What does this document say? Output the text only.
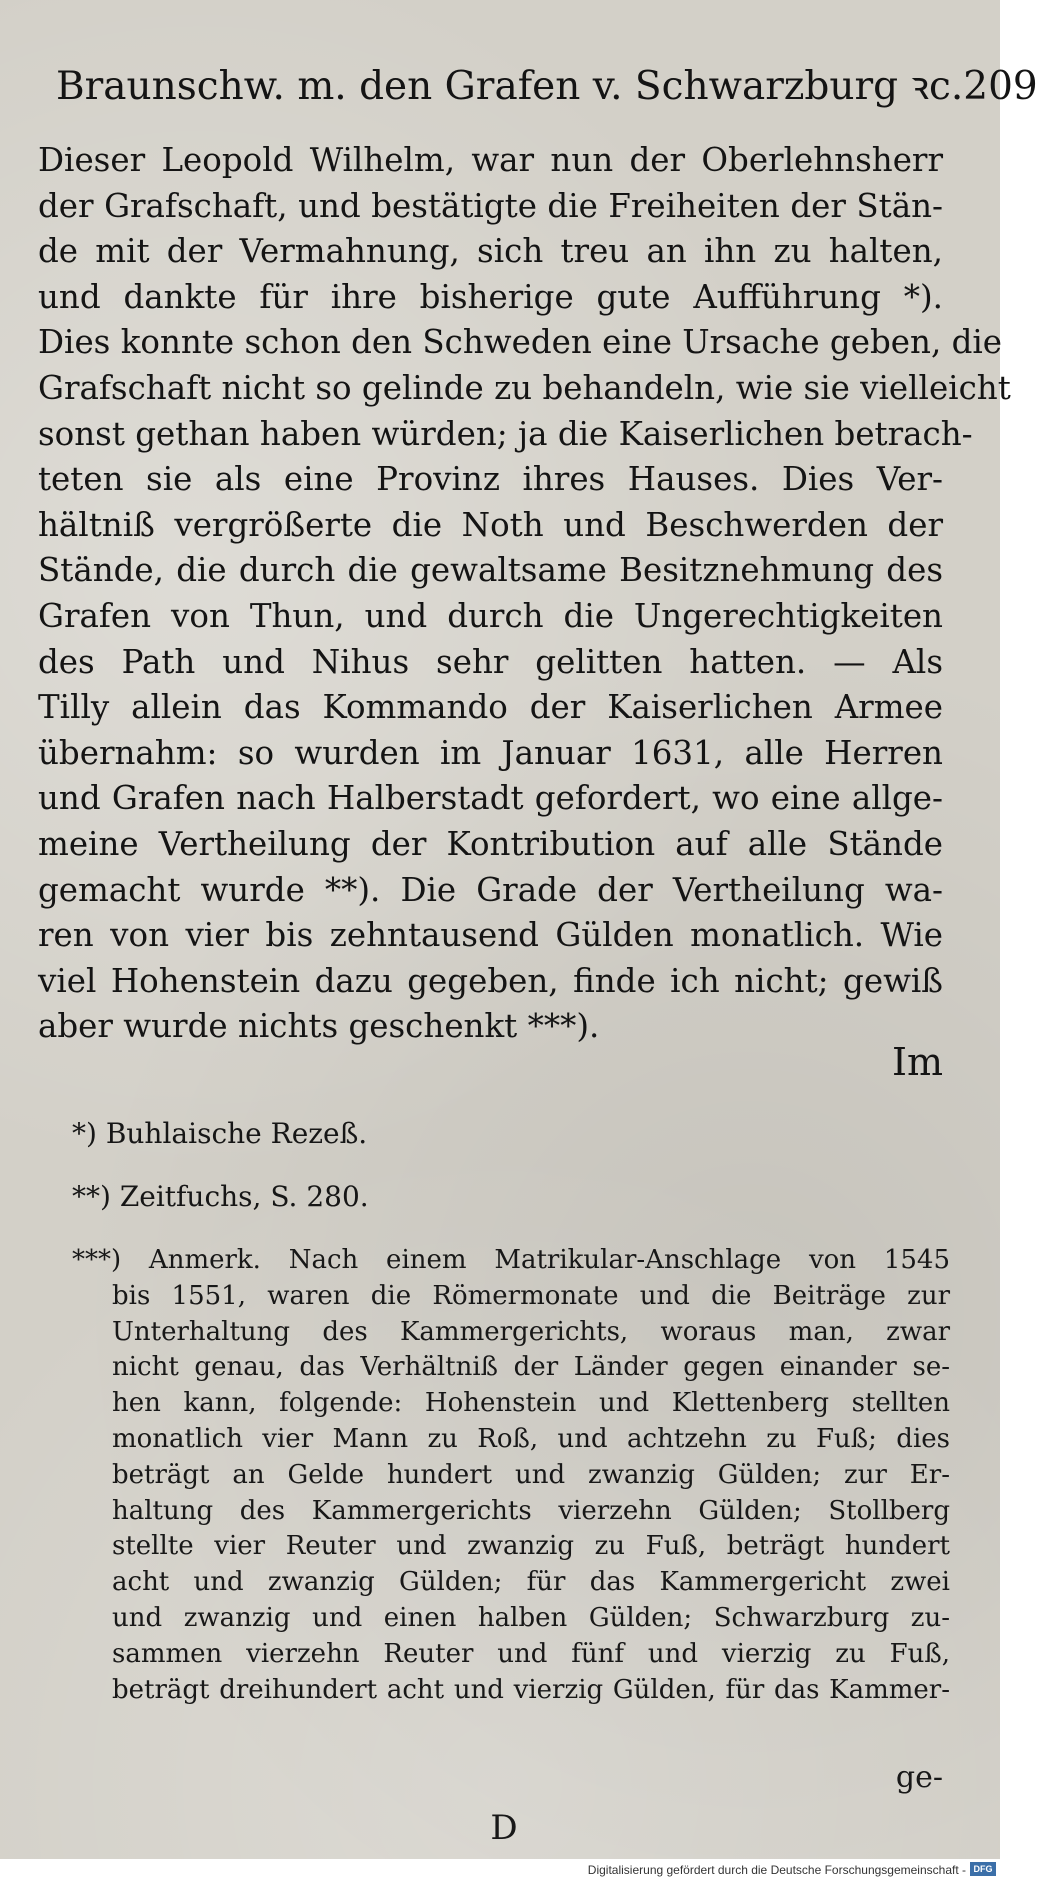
Braunschw. m. den Grafen v. Schwarzburg ꝛc. 209
Dieser Leopold Wilhelm, war nun der Oberlehnsherr
der Grafschaft, und bestätigte die Freiheiten der Stän-
de mit der Vermahnung, sich treu an ihn zu halten,
und dankte für ihre bisherige gute Aufführung *).
Dies konnte schon den Schweden eine Ursache geben, die
Grafschaft nicht so gelinde zu behandeln, wie sie vielleicht
sonst gethan haben würden; ja die Kaiserlichen betrach-
teten sie als eine Provinz ihres Hauses. Dies Ver-
hältniß vergrößerte die Noth und Beschwerden der
Stände, die durch die gewaltsame Besitznehmung des
Grafen von Thun, und durch die Ungerechtigkeiten
des Path und Nihus sehr gelitten hatten. — Als
Tilly allein das Kommando der Kaiserlichen Armee
übernahm: so wurden im Januar 1631, alle Herren
und Grafen nach Halberstadt gefordert, wo eine allge-
meine Vertheilung der Kontribution auf alle Stände
gemacht wurde **). Die Grade der Vertheilung wa-
ren von vier bis zehntausend Gülden monatlich. Wie
viel Hohenstein dazu gegeben, finde ich nicht; gewiß
aber wurde nichts geschenkt ***).
Im
*) Buhlaische Rezeß.
**) Zeitfuchs, S. 280.
***) Anmerk. Nach einem Matrikular-Anschlage von 1545
bis 1551, waren die Römermonate und die Beiträge zur
Unterhaltung des Kammergerichts, woraus man, zwar
nicht genau, das Verhältniß der Länder gegen einander se-
hen kann, folgende: Hohenstein und Klettenberg stellten
monatlich vier Mann zu Roß, und achtzehn zu Fuß; dies
beträgt an Gelde hundert und zwanzig Gülden; zur Er-
haltung des Kammergerichts vierzehn Gülden; Stollberg
stellte vier Reuter und zwanzig zu Fuß, beträgt hundert
acht und zwanzig Gülden; für das Kammergericht zwei
und zwanzig und einen halben Gülden; Schwarzburg zu-
sammen vierzehn Reuter und fünf und vierzig zu Fuß,
beträgt dreihundert acht und vierzig Gülden, für das Kammer-
ge-
D
Digitalisierung gefördert durch die Deutsche Forschungsgemeinschaft - DFG
